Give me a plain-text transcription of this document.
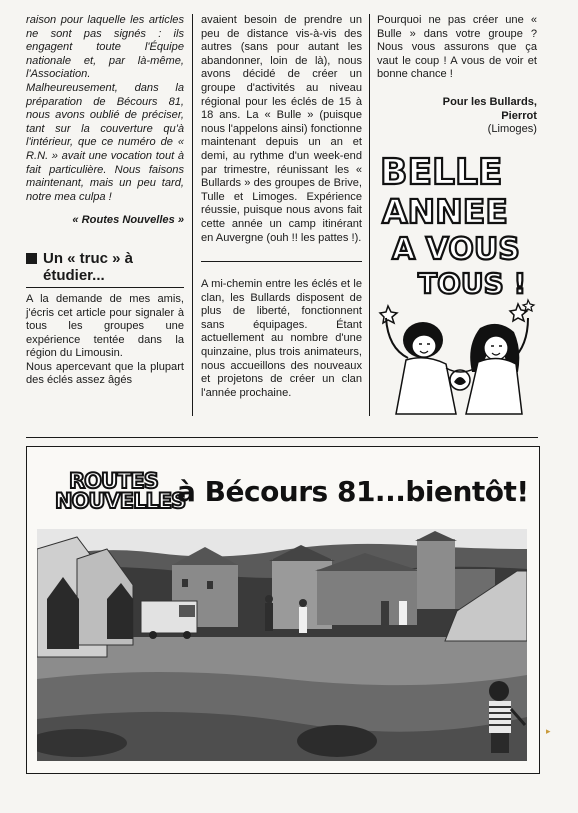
raison pour laquelle les articles ne sont pas signés : ils engagent toute l'Équipe nationale et, par là-même, l'Association.

Malheureusement, dans la préparation de Bécours 81, nous avons oublié de préciser, tant sur la couverture qu'à l'intérieur, que ce numéro de « R.N. » avait une vocation tout à fait particulière. Nous faisons maintenant, mais un peu tard, notre mea culpa !

« Routes Nouvelles »

Un « truc » à étudier...

A la demande de mes amis, j'écris cet article pour signaler à tous les groupes une expérience tentée dans la région du Limousin.

Nous apercevant que la plupart des éclés assez âgés

avaient besoin de prendre un peu de distance vis-à-vis des autres (sans pour autant les abandonner, loin de là), nous avons décidé de créer un groupe d'activités au niveau régional pour les éclés de 15 à 18 ans. La « Bulle » (puisque nous l'appelons ainsi) fonctionne maintenant depuis un an et demi, au rythme d'un week-end par trimestre, réunissant les « Bullards » des groupes de Brive, Tulle et Limoges. Expérience réussie, puisque nous avons fait cette année un camp itinérant en Auvergne (ouh !! les pattes !).

A mi-chemin entre les éclés et le clan, les Bullards disposent de plus de liberté, fonctionnent sans équipages. Étant actuellement au nombre d'une quinzaine, plus trois animateurs, nous accueillons des nouveaux et projetons de créer un clan l'année prochaine.

Pourquoi ne pas créer une « Bulle » dans votre groupe ? Nous vous assurons que ça vaut le coup ! A vous de voir et bonne chance !

Pour les Bullards,

Pierrot

(Limoges)

BELLE
ANNEE
A VOUS
TOUS !
ROUTES
NOUVELLES
à Bécours 81...bientôt!
▸
